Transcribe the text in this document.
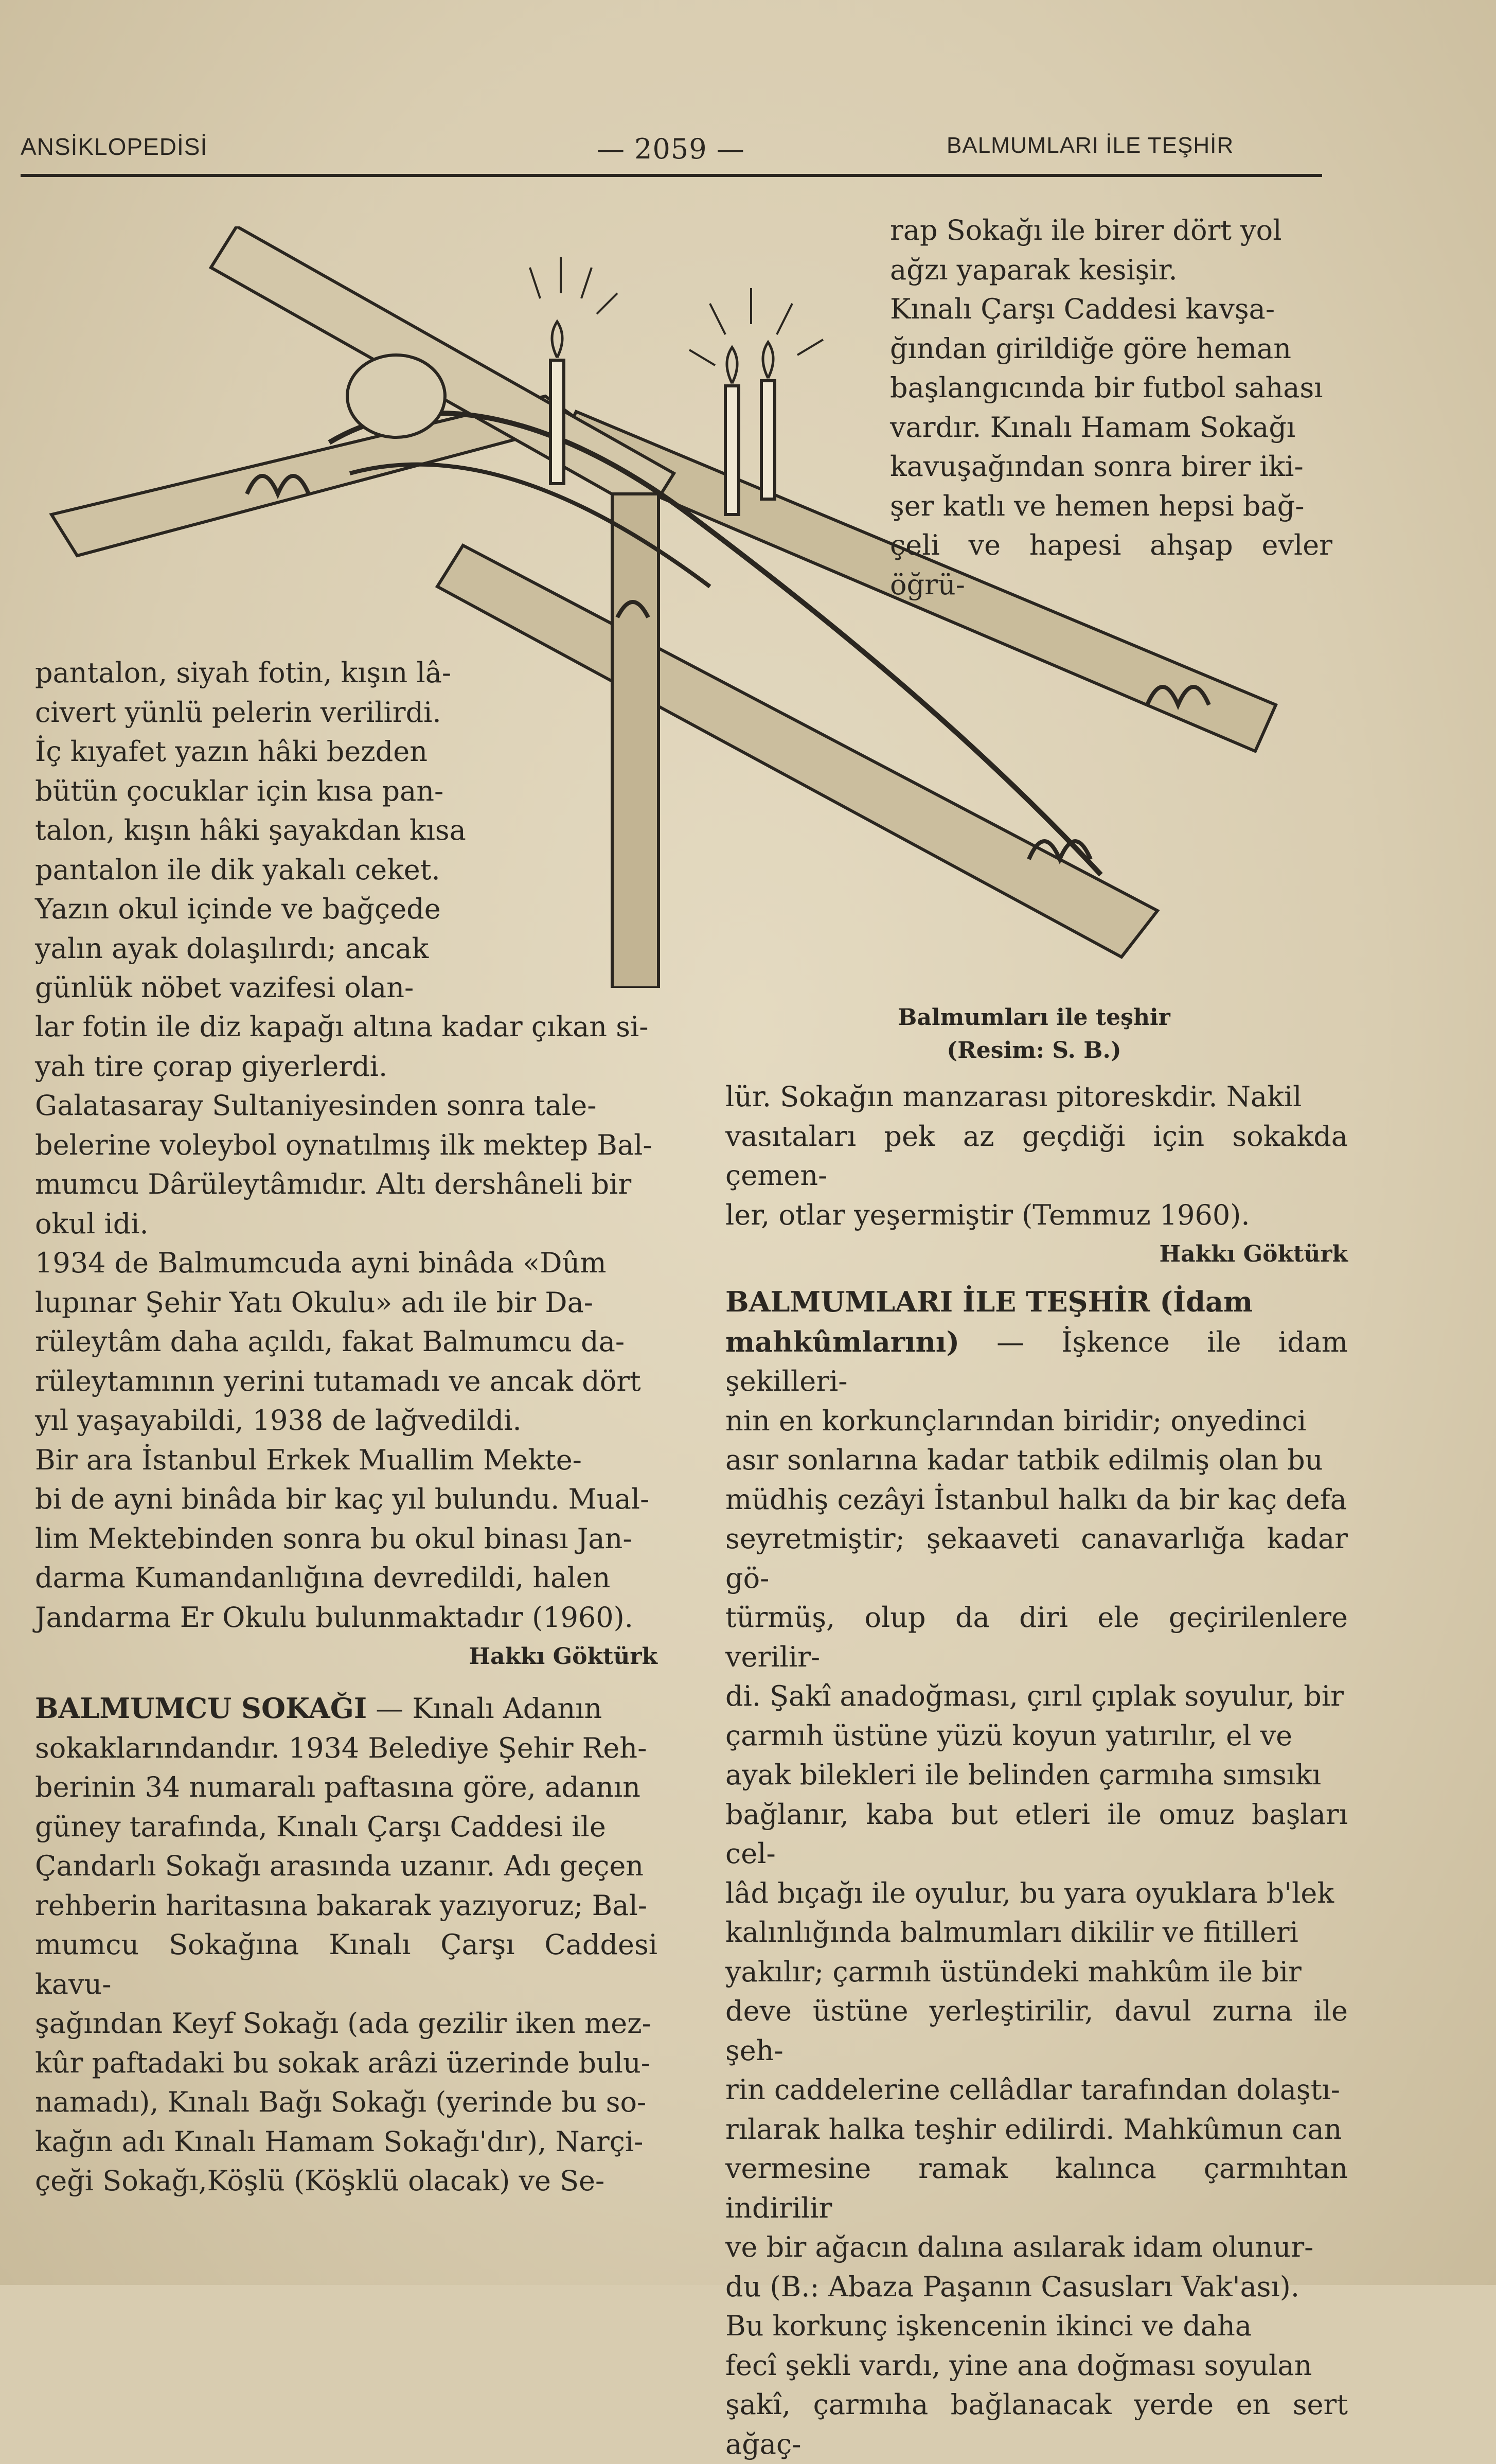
ANSİKLOPEDİSİ	— 2059 —	BALMUMLARI İLE TEŞHİR

rap Sokağı ile birer dört yol
ağzı yaparak kesişir.
Kınalı Çarşı Caddesi kavşa-
ğından girildiğe göre heman
başlangıcında bir futbol sahası
vardır. Kınalı Hamam Sokağı
kavuşağından sonra birer iki-
şer katlı ve hemen hepsi bağ-
çeli ve hapesi ahşap evler öğrü-

pantalon, siyah fotin, kışın lâ-
civert yünlü pelerin verilirdi.
İç kıyafet yazın hâki bezden
bütün çocuklar için kısa pan-
talon, kışın hâki şayakdan kısa
pantalon ile dik yakalı ceket.
Yazın okul içinde ve bağçede
yalın ayak dolaşılırdı; ancak
günlük nöbet vazifesi olan-

lar fotin ile diz kapağı altına kadar çıkan si-
yah tire çorap giyerlerdi.
Galatasaray Sultaniyesinden sonra tale-
belerine voleybol oynatılmış ilk mektep Bal-
mumcu Dârüleytâmıdır. Altı dershâneli bir
okul idi.
1934 de Balmumcuda ayni binâda «Dûm
lupınar Şehir Yatı Okulu» adı ile bir Da-
rüleytâm daha açıldı, fakat Balmumcu da-
rüleytamının yerini tutamadı ve ancak dört
yıl yaşayabildi, 1938 de lağvedildi.
Bir ara İstanbul Erkek Muallim Mekte-
bi de ayni binâda bir kaç yıl bulundu. Mual-
lim Mektebinden sonra bu okul binası Jan-
darma Kumandanlığına devredildi, halen
Jandarma Er Okulu bulunmaktadır (1960).

Hakkı Göktürk

BALMUMCU SOKAĞI — Kınalı Adanın
sokaklarındandır. 1934 Belediye Şehir Reh-
berinin 34 numaralı paftasına göre, adanın
güney tarafında, Kınalı Çarşı Caddesi ile
Çandarlı Sokağı arasında uzanır. Adı geçen
rehberin haritasına bakarak yazıyoruz; Bal-
mumcu Sokağına Kınalı Çarşı Caddesi kavu-
şağından Keyf Sokağı (ada gezilir iken mez-
kûr paftadaki bu sokak arâzi üzerinde bulu-
namadı), Kınalı Bağı Sokağı (yerinde bu so-
kağın adı Kınalı Hamam Sokağı'dır), Narçi-
çeği Sokağı,Köşlü (Köşklü olacak) ve Se-

Balmumları ile teşhir
(Resim: S. B.)

lür. Sokağın manzarası pitoreskdir. Nakil
vasıtaları pek az geçdiği için sokakda çemen-
ler, otlar yeşermiştir (Temmuz 1960).

Hakkı Göktürk

BALMUMLARI İLE TEŞHİR (İdam
mahkûmlarını) — İşkence ile idam şekilleri-
nin en korkunçlarından biridir; onyedinci
asır sonlarına kadar tatbik edilmiş olan bu
müdhiş cezâyi İstanbul halkı da bir kaç defa
seyretmiştir; şekaaveti canavarlığa kadar gö-
türmüş, olup da diri ele geçirilenlere verilir-
di. Şakî anadoğması, çırıl çıplak soyulur, bir
çarmıh üstüne yüzü koyun yatırılır, el ve
ayak bilekleri ile belinden çarmıha sımsıkı
bağlanır, kaba but etleri ile omuz başları cel-
lâd bıçağı ile oyulur, bu yara oyuklara b'lek
kalınlığında balmumları dikilir ve fitilleri
yakılır; çarmıh üstündeki mahkûm ile bir
deve üstüne yerleştirilir, davul zurna ile şeh-
rin caddelerine cellâdlar tarafından dolaştı-
rılarak halka teşhir edilirdi. Mahkûmun can
vermesine ramak kalınca çarmıhtan indirilir
ve bir ağacın dalına asılarak idam olunur-
du (B.: Abaza Paşanın Casusları Vak'ası).
Bu korkunç işkencenin ikinci ve daha
fecî şekli vardı, yine ana doğması soyulan
şakî, çarmıha bağlanacak yerde en sert ağaç-
